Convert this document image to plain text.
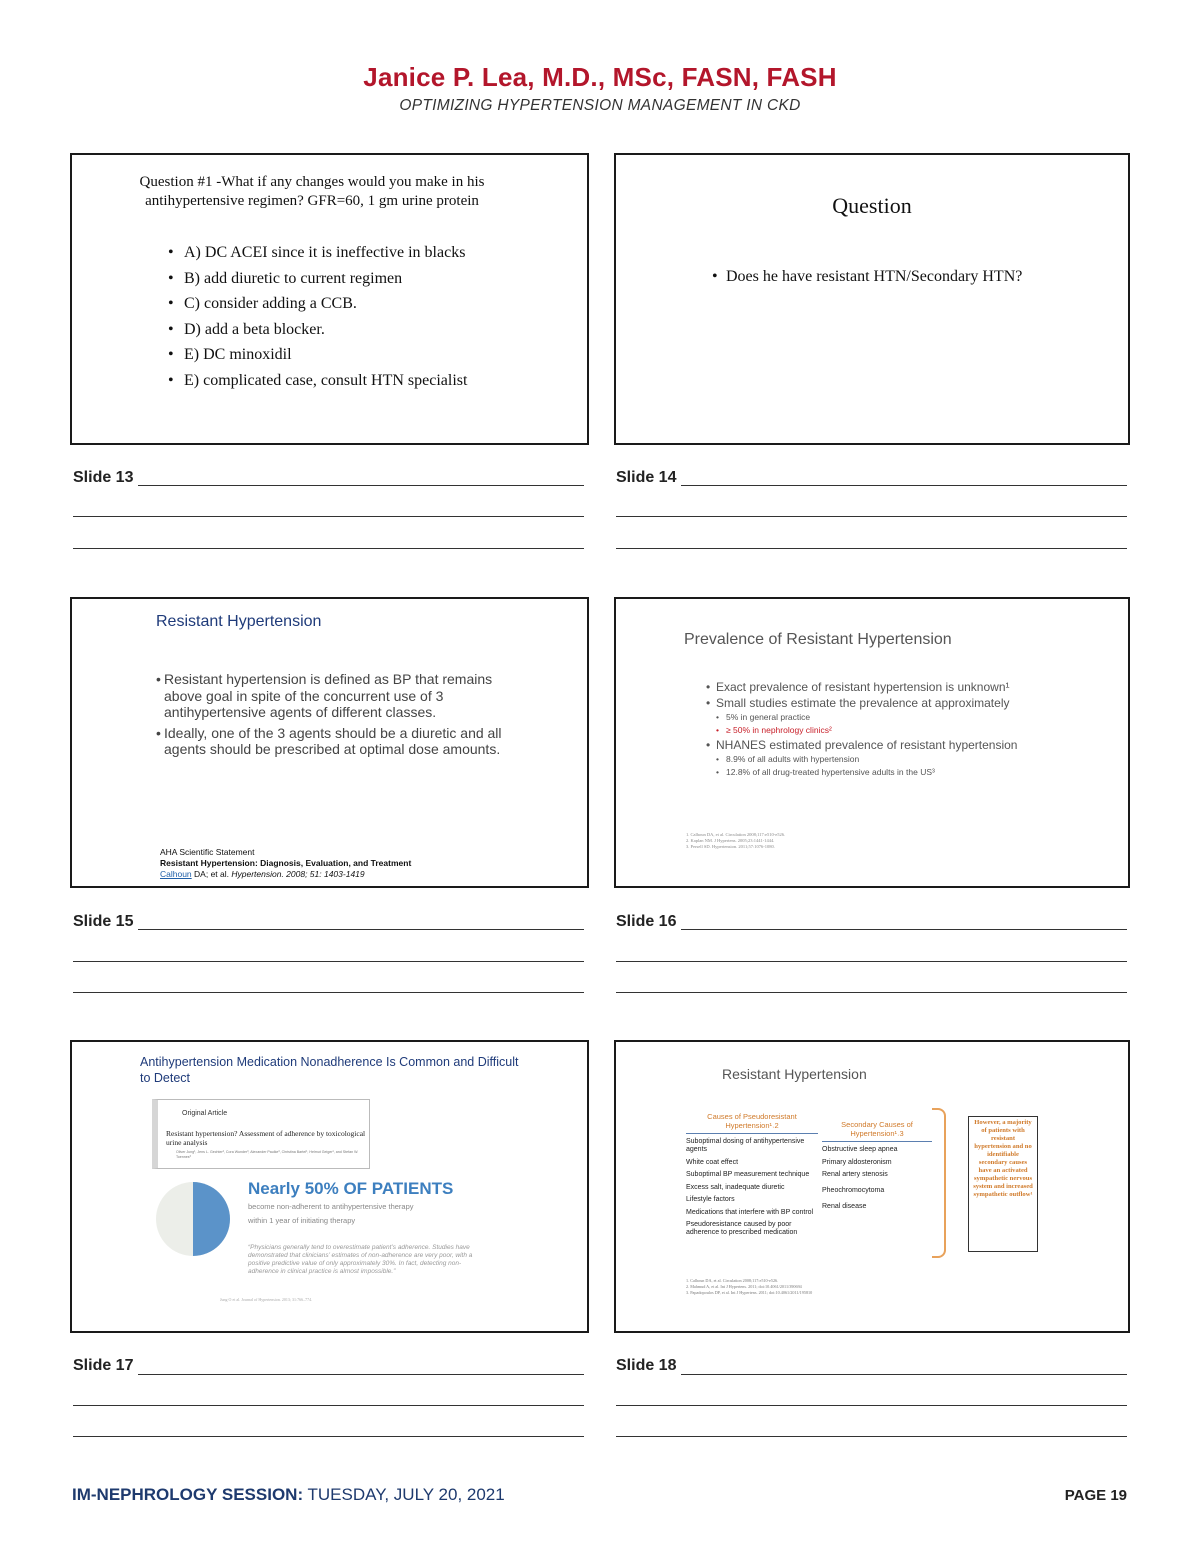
Janice P. Lea, M.D., MSc, FASN, FASH
OPTIMIZING HYPERTENSION MANAGEMENT IN CKD
Question #1 -What if any changes would you make in his antihypertensive regimen? GFR=60, 1 gm urine protein
• A) DC ACEI since it is ineffective in blacks
• B) add diuretic to current regimen
• C) consider adding a CCB.
• D) add a beta blocker.
• E) DC minoxidil
• E) complicated case, consult HTN specialist
Question
• Does he have resistant HTN/Secondary HTN?
Resistant Hypertension
• Resistant hypertension is defined as BP that remains above goal in spite of the concurrent use of 3 antihypertensive agents of different classes.
• Ideally, one of the 3 agents should be a diuretic and all agents should be prescribed at optimal dose amounts.
AHA Scientific Statement
Resistant Hypertension: Diagnosis, Evaluation, and Treatment
Calhoun DA; et al. Hypertension. 2008; 51: 1403-1419
Prevalence of Resistant Hypertension
• Exact prevalence of resistant hypertension is unknown¹
• Small studies estimate the prevalence at approximately
• 5% in general practice
• ≥ 50% in nephrology clinics²
• NHANES estimated prevalence of resistant hypertension
• 8.9% of all adults with hypertension
• 12.8% of all drug-treated hypertensive adults in the US³
1. Calhoun DA, et al. Circulation 2008;117:e510-e526.
2. Kaplan NM. J Hypertens. 2005;23:1441-1444.
3. Persell SD. Hypertension. 2011;57:1076-1080.
Antihypertension Medication Nonadherence Is Common and Difficult to Detect
Original Article
Resistant hypertension? Assessment of adherence by toxicological urine analysis
Oliver Jung¹, Jens L. Gechter², Cora Wunder³, Alexander Paulke³, Christina Bartel¹, Helmut Geiger¹, and Stefan W. Toennes³
Nearly 50% OF PATIENTS
become non-adherent to antihypertensive therapy
within 1 year of initiating therapy
“Physicians generally tend to overestimate patient’s adherence. Studies have demonstrated that clinicians’ estimates of non-adherence are very poor, with a positive predictive value of only approximately 30%. In fact, detecting non-adherence in clinical practice is almost impossible.”
Jung O et al. Journal of Hypertension. 2013; 31:766–774.
Resistant Hypertension
Causes of Pseudoresistant Hypertension¹˒2
Suboptimal dosing of antihypertensive agents
White coat effect
Suboptimal BP measurement technique
Excess salt, inadequate diuretic
Lifestyle factors
Medications that interfere with BP control
Pseudoresistance caused by poor adherence to prescribed medication
Secondary Causes of Hypertension¹˒3
Obstructive sleep apnea
Primary aldosteronism
Renal artery stenosis
Pheochromocytoma
Renal disease
However, a majority of patients with resistant hypertension and no identifiable secondary causes have an activated sympathetic nervous system and increased sympathetic outflow¹
1. Calhoun DA, et al. Circulation 2008;117:e510-e526.
2. Mahmud A, et al. Int J Hypertens. 2011; doi:10.4061/2011/390694
3. Papadopoulos DP, et al. Int J Hypertens. 2011; doi:10.4061/2011/195810
Slide 13	Slide 14
Slide 15	Slide 16
Slide 17	Slide 18
IM-NEPHROLOGY SESSION: TUESDAY, JULY 20, 2021	PAGE 19
